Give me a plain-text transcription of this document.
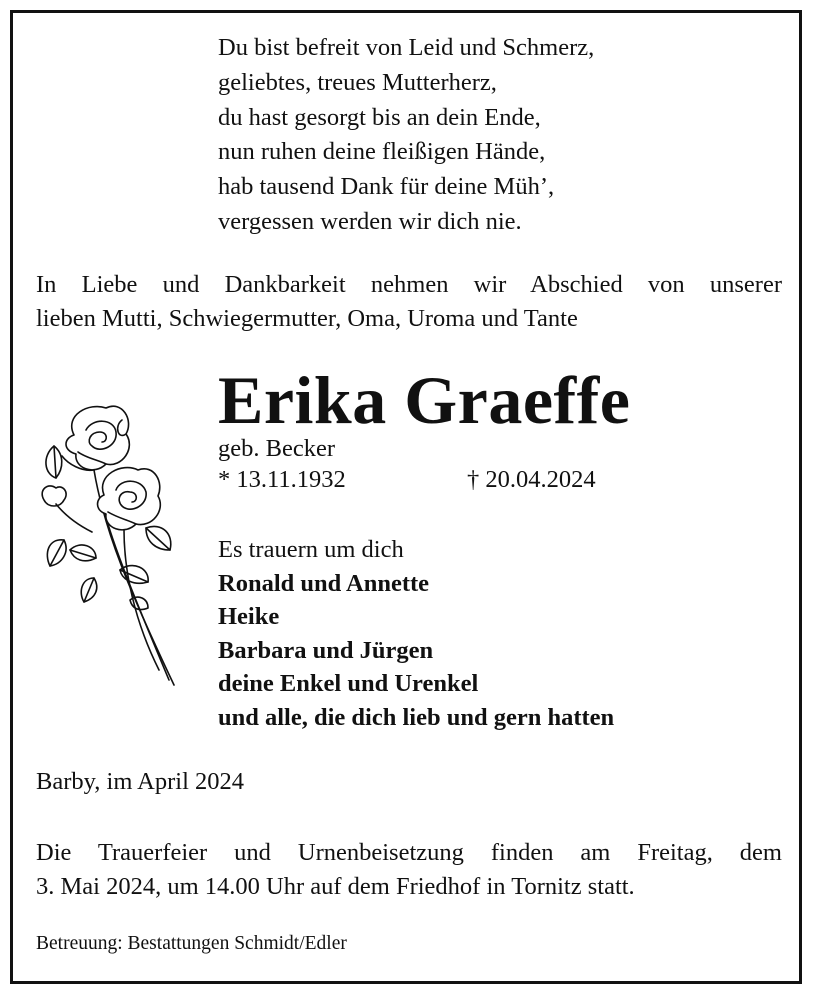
Du bist befreit von Leid und Schmerz,
geliebtes, treues Mutterherz,
du hast gesorgt bis an dein Ende,
nun ruhen deine fleißigen Hände,
hab tausend Dank für deine Müh’,
vergessen werden wir dich nie.
In Liebe und Dankbarkeit nehmen wir Abschied von unserer
lieben Mutti, Schwiegermutter, Oma, Uroma und Tante
Erika Graeffe
geb. Becker
* 13.11.1932	† 20.04.2024
Es trauern um dich
Ronald und Annette
Heike
Barbara und Jürgen
deine Enkel und Urenkel
und alle, die dich lieb und gern hatten
Barby, im April 2024
Die Trauerfeier und Urnenbeisetzung finden am Freitag, dem
3. Mai 2024, um 14.00 Uhr auf dem Friedhof in Tornitz statt.
Betreuung: Bestattungen Schmidt/Edler
